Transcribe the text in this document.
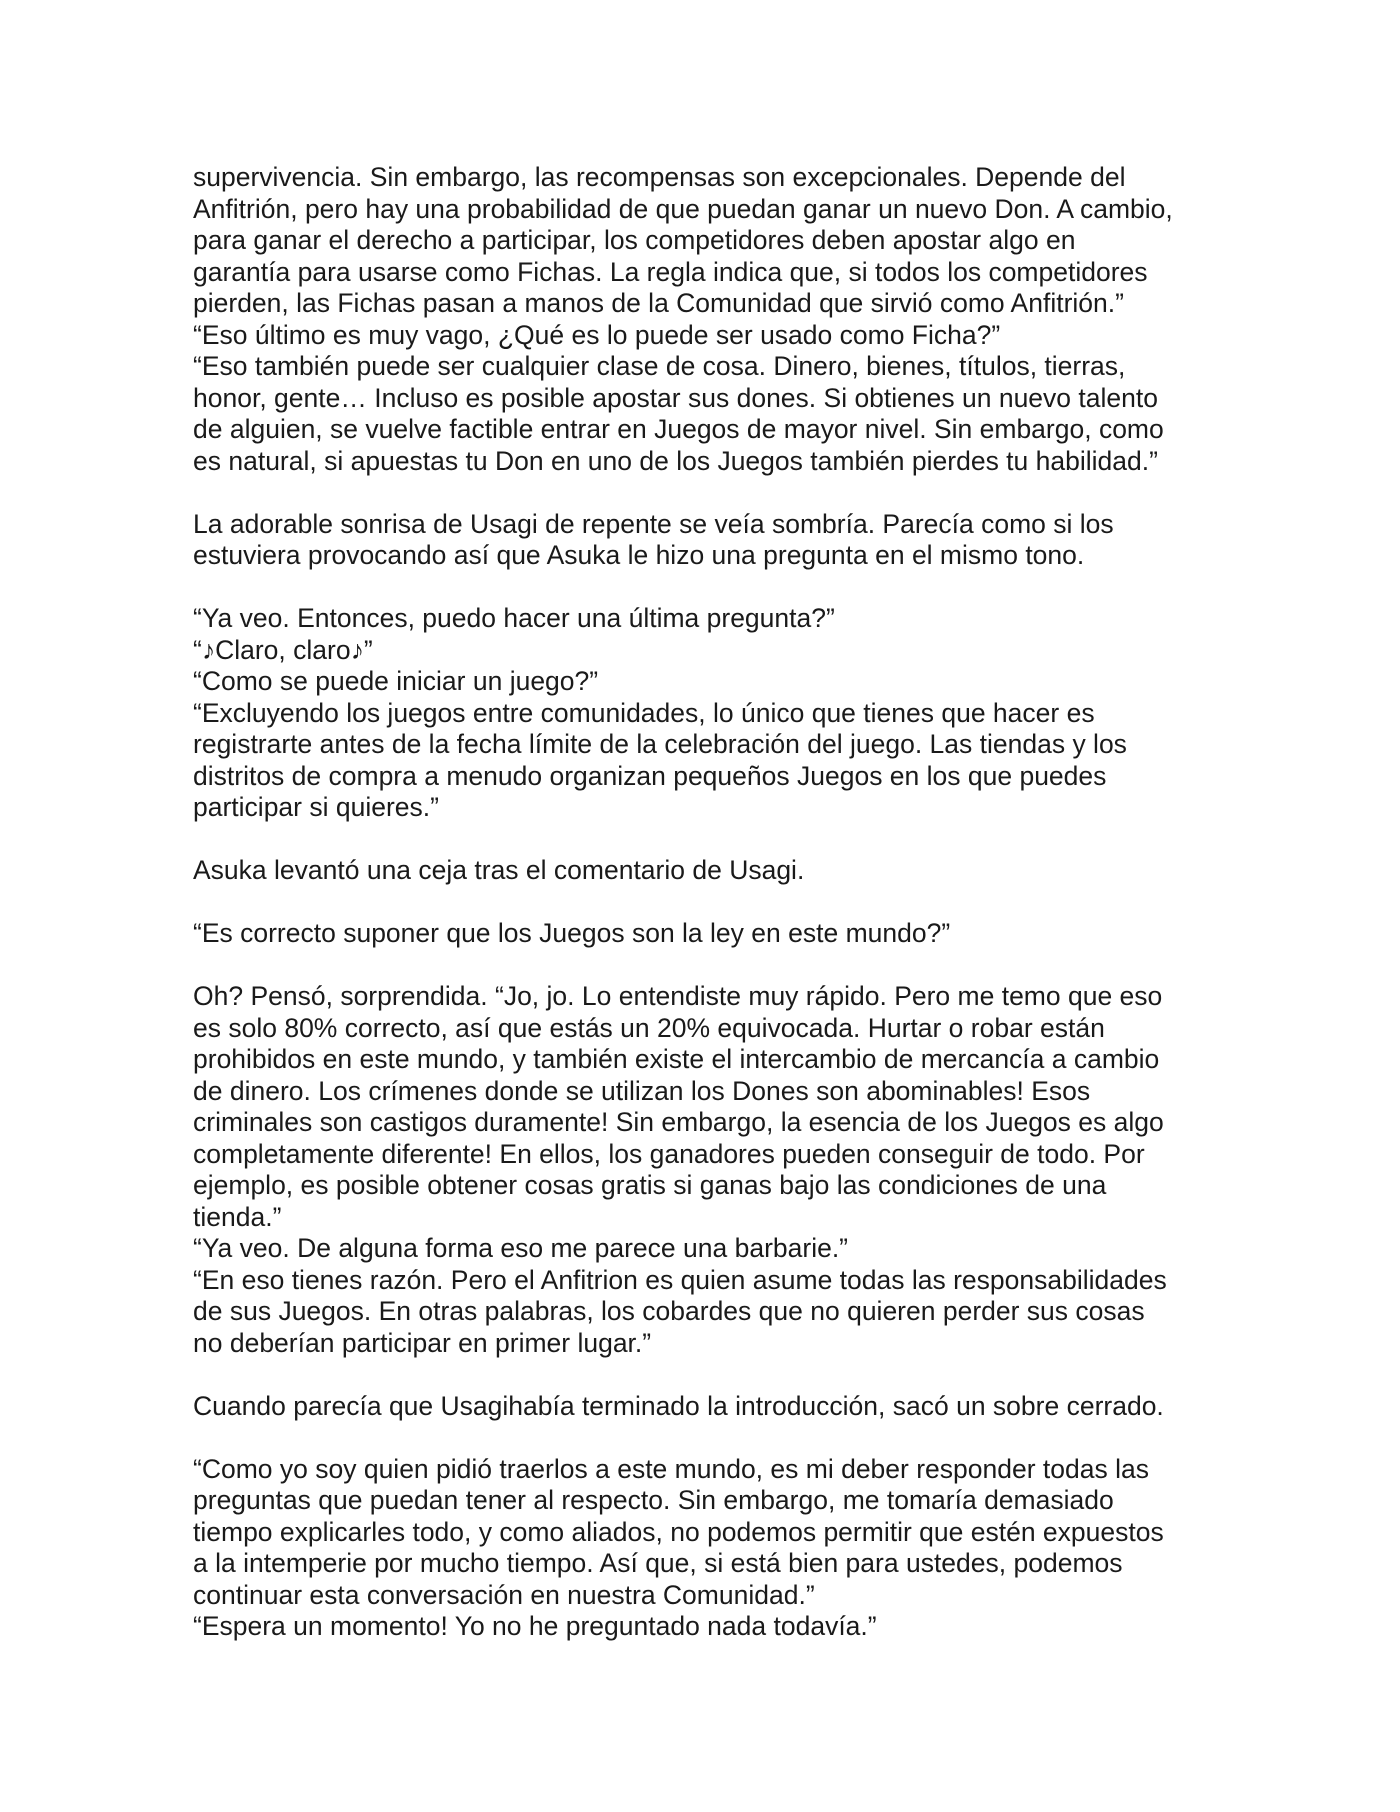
supervivencia. Sin embargo, las recompensas son excepcionales. Depende del
Anfitrión, pero hay una probabilidad de que puedan ganar un nuevo Don. A cambio,
para ganar el derecho a participar, los competidores deben apostar algo en
garantía para usarse como Fichas. La regla indica que, si todos los competidores
pierden, las Fichas pasan a manos de la Comunidad que sirvió como Anfitrión.”
“Eso último es muy vago, ¿Qué es lo puede ser usado como Ficha?”
“Eso también puede ser cualquier clase de cosa. Dinero, bienes, títulos, tierras,
honor, gente… Incluso es posible apostar sus dones. Si obtienes un nuevo talento
de alguien, se vuelve factible entrar en Juegos de mayor nivel. Sin embargo, como
es natural, si apuestas tu Don en uno de los Juegos también pierdes tu habilidad.”
La adorable sonrisa de Usagi de repente se veía sombría. Parecía como si los
estuviera provocando así que Asuka le hizo una pregunta en el mismo tono.
“Ya veo. Entonces, puedo hacer una última pregunta?”
“♪Claro, claro♪”
“Como se puede iniciar un juego?”
“Excluyendo los juegos entre comunidades, lo único que tienes que hacer es
registrarte antes de la fecha límite de la celebración del juego. Las tiendas y los
distritos de compra a menudo organizan pequeños Juegos en los que puedes
participar si quieres.”
Asuka levantó una ceja tras el comentario de Usagi.
“Es correcto suponer que los Juegos son la ley en este mundo?”
Oh? Pensó, sorprendida. “Jo, jo. Lo entendiste muy rápido. Pero me temo que eso
es solo 80% correcto, así que estás un 20% equivocada. Hurtar o robar están
prohibidos en este mundo, y también existe el intercambio de mercancía a cambio
de dinero. Los crímenes donde se utilizan los Dones son abominables! Esos
criminales son castigos duramente! Sin embargo, la esencia de los Juegos es algo
completamente diferente! En ellos, los ganadores pueden conseguir de todo. Por
ejemplo, es posible obtener cosas gratis si ganas bajo las condiciones de una
tienda.”
“Ya veo. De alguna forma eso me parece una barbarie.”
“En eso tienes razón. Pero el Anfitrion es quien asume todas las responsabilidades
de sus Juegos. En otras palabras, los cobardes que no quieren perder sus cosas
no deberían participar en primer lugar.”
Cuando parecía que Usagihabía terminado la introducción, sacó un sobre cerrado.
“Como yo soy quien pidió traerlos a este mundo, es mi deber responder todas las
preguntas que puedan tener al respecto. Sin embargo, me tomaría demasiado
tiempo explicarles todo, y como aliados, no podemos permitir que estén expuestos
a la intemperie por mucho tiempo. Así que, si está bien para ustedes, podemos
continuar esta conversación en nuestra Comunidad.”
“Espera un momento! Yo no he preguntado nada todavía.”
